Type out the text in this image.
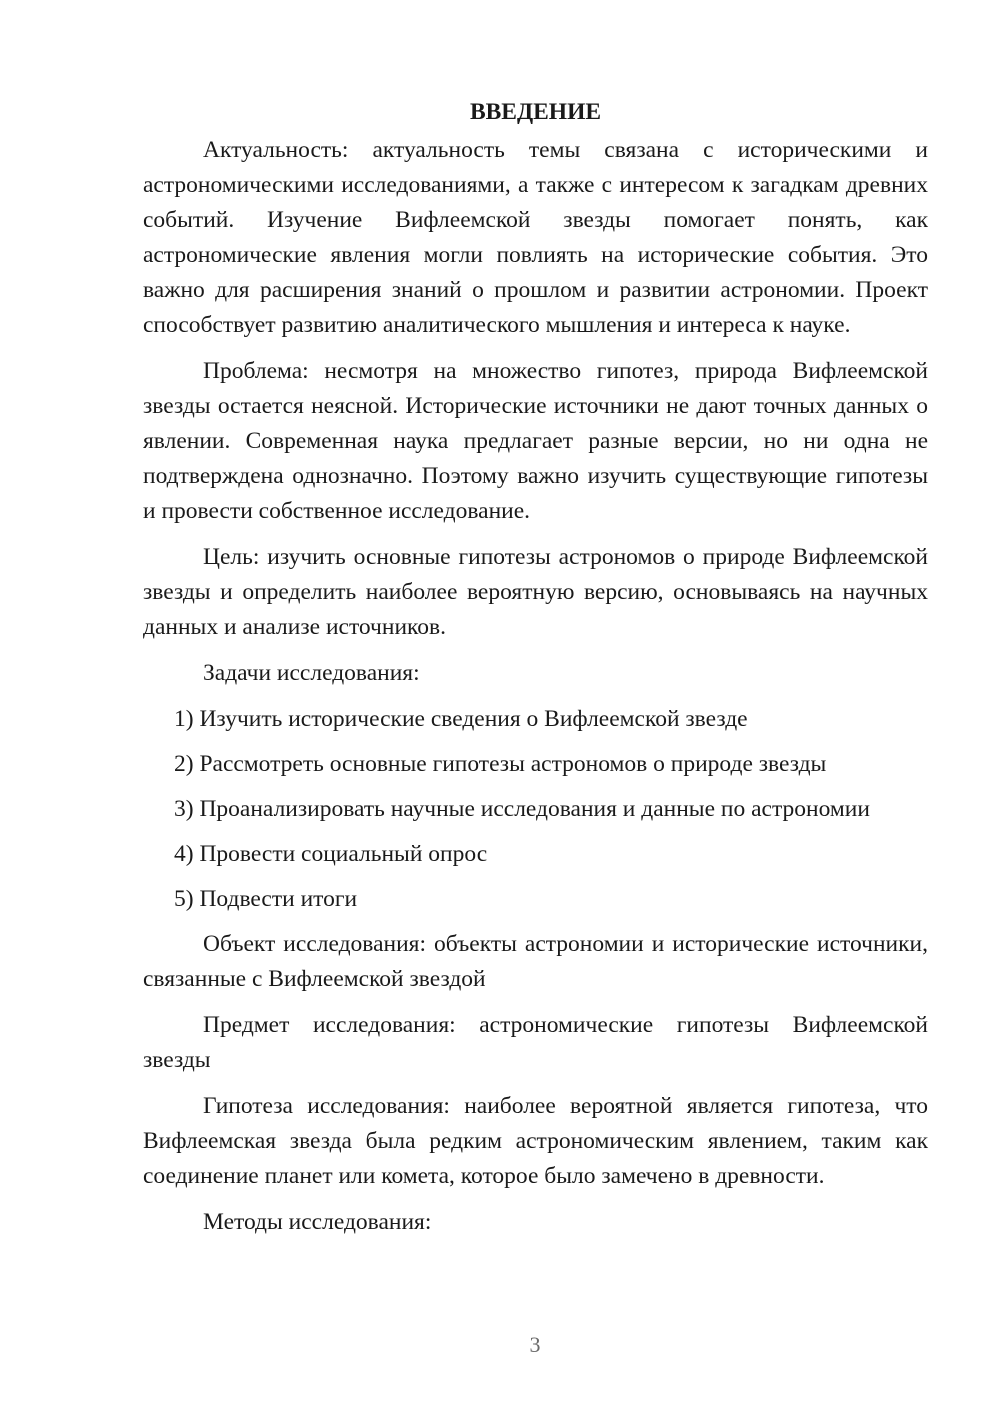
ВВЕДЕНИЕ

Актуальность: актуальность темы связана с историческими и астрономическими исследованиями, а также с интересом к загадкам древних событий. Изучение Вифлеемской звезды помогает понять, как астрономические явления могли повлиять на исторические события. Это важно для расширения знаний о прошлом и развитии астрономии. Проект способствует развитию аналитического мышления и интереса к науке.

Проблема: несмотря на множество гипотез, природа Вифлеемской звезды остается неясной. Исторические источники не дают точных данных о явлении. Современная наука предлагает разные версии, но ни одна не подтверждена однозначно. Поэтому важно изучить существующие гипотезы и провести собственное исследование.

Цель: изучить основные гипотезы астрономов о природе Вифлеемской звезды и определить наиболее вероятную версию, основываясь на научных данных и анализе источников.

Задачи исследования:

1) Изучить исторические сведения о Вифлеемской звезде
2) Рассмотреть основные гипотезы астрономов о природе звезды
3) Проанализировать научные исследования и данные по астрономии
4) Провести социальный опрос
5) Подвести итоги

Объект исследования: объекты астрономии и исторические источники, связанные с Вифлеемской звездой

Предмет исследования: астрономические гипотезы Вифлеемской звезды

Гипотеза исследования: наиболее вероятной является гипотеза, что Вифлеемская звезда была редким астрономическим явлением, таким как соединение планет или комета, которое было замечено в древности.

Методы исследования:

3
